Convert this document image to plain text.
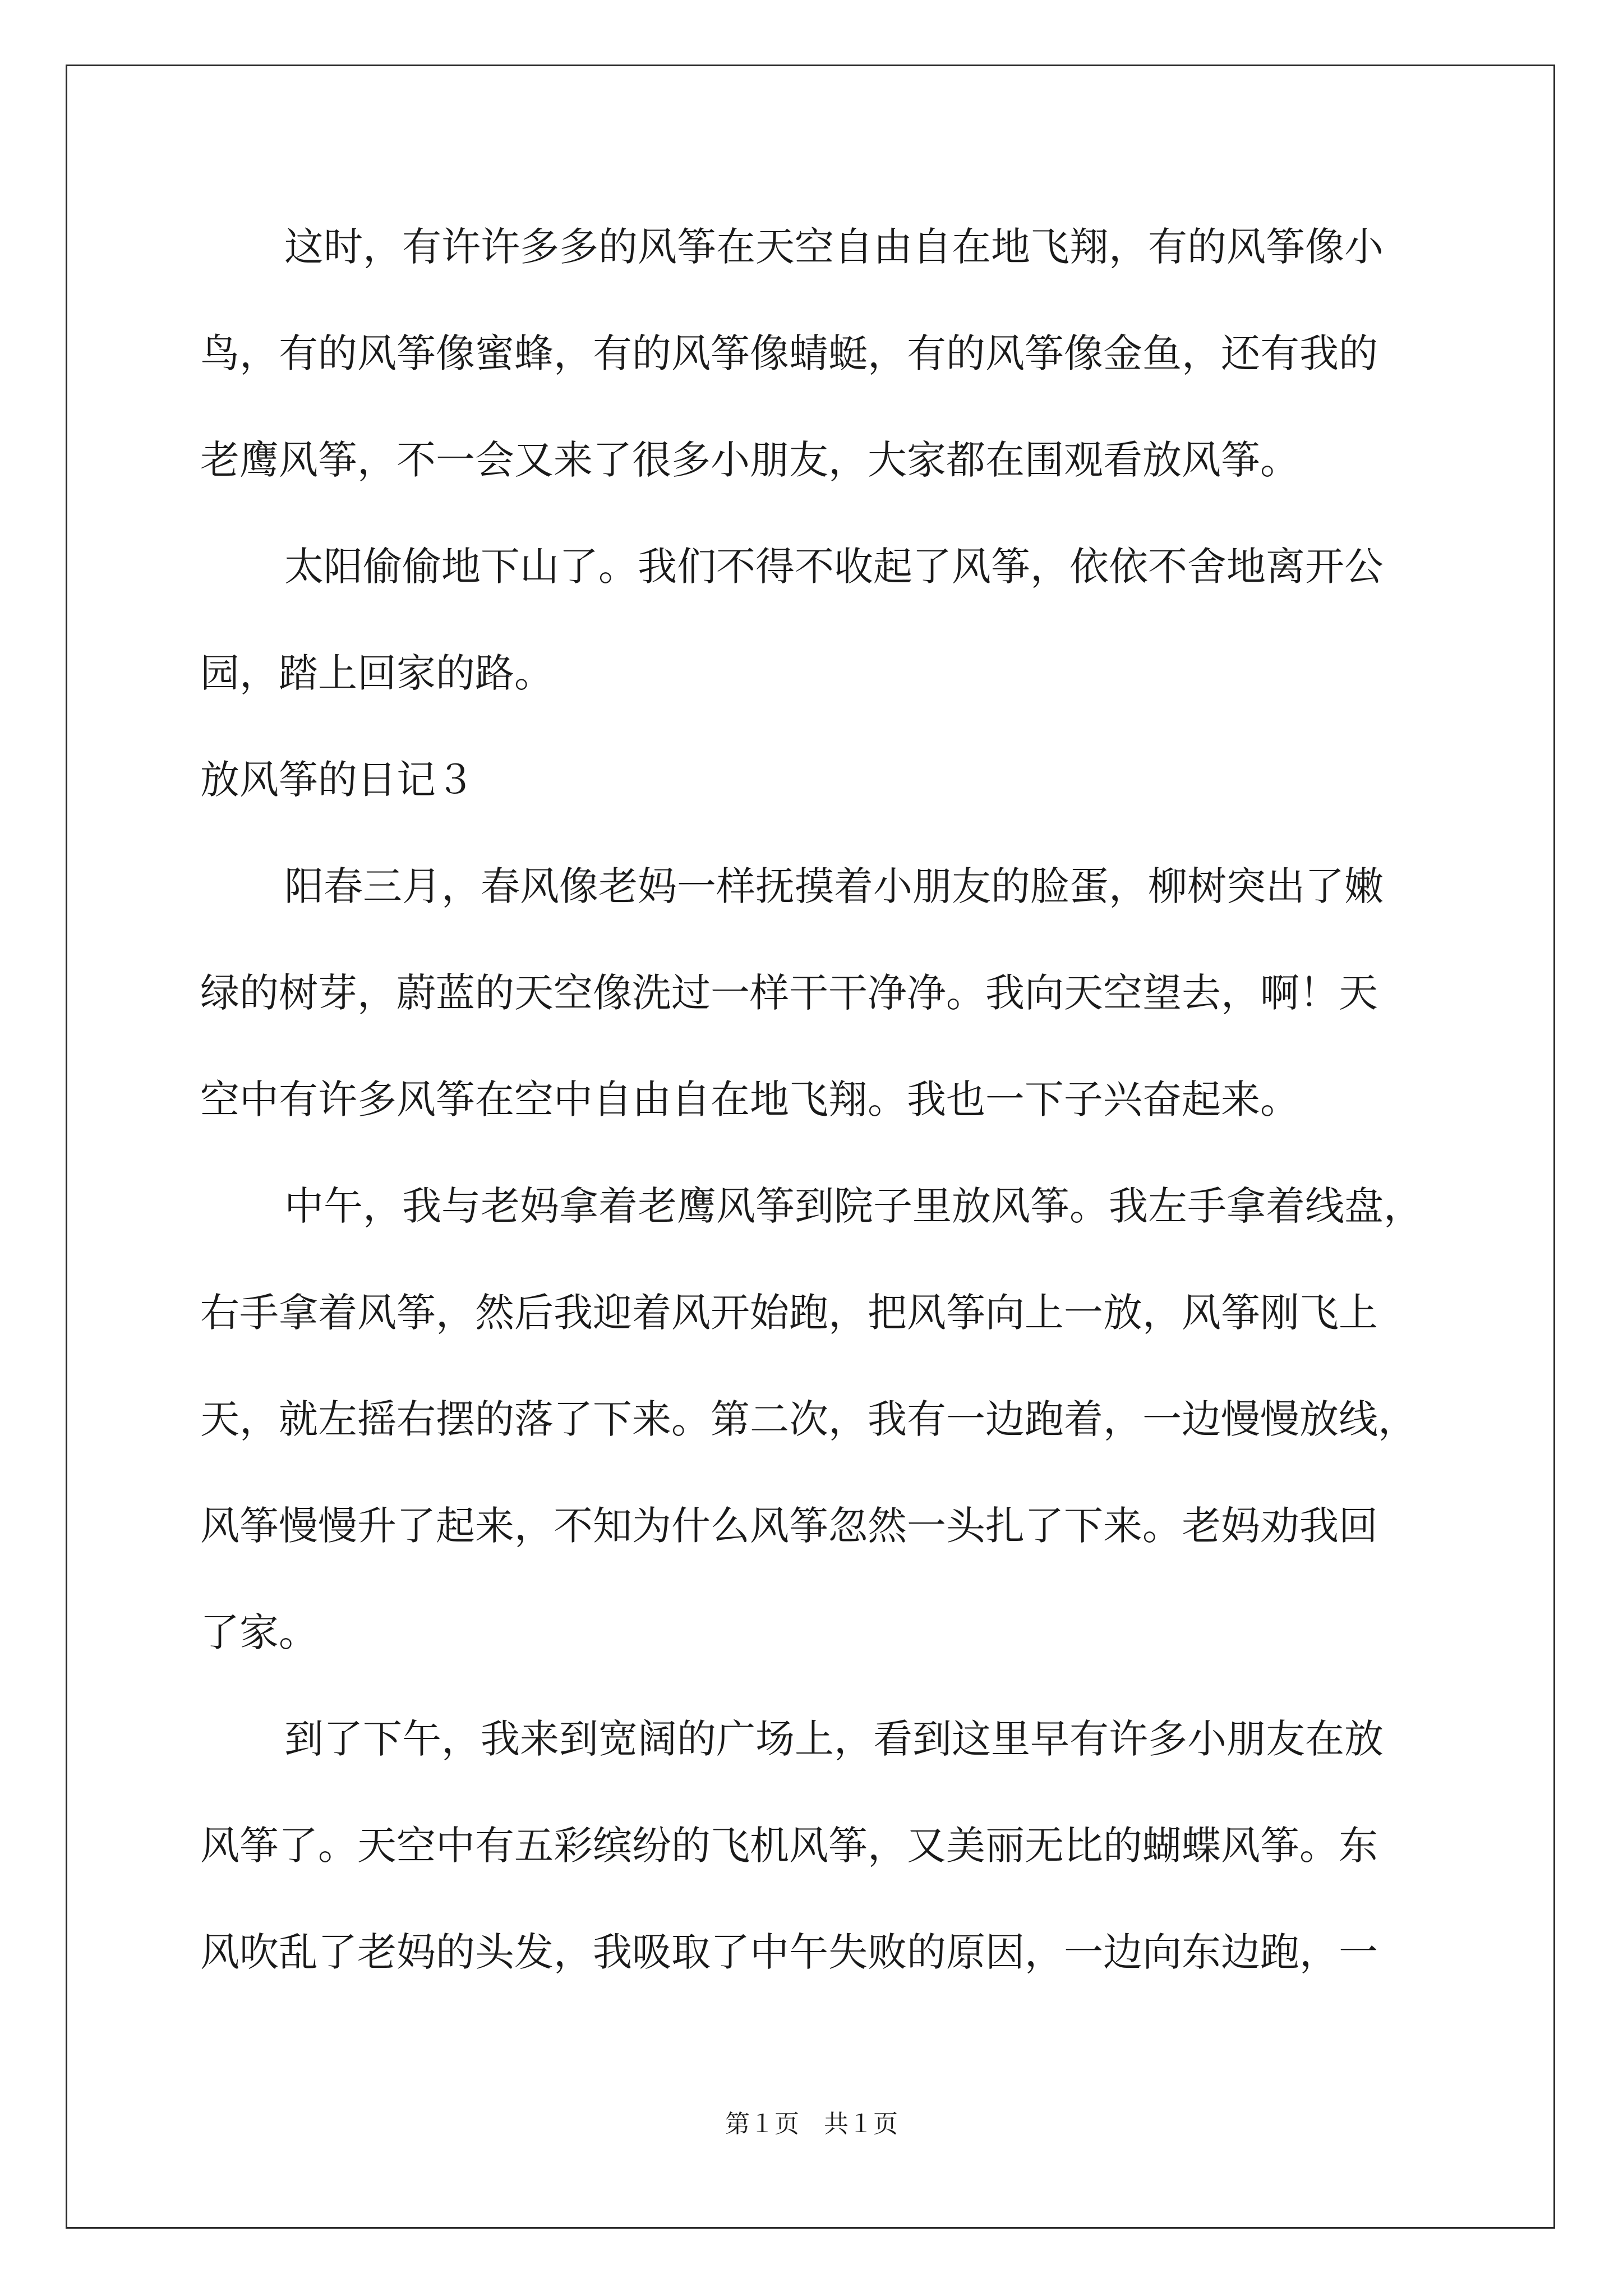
这时，有许许多多的风筝在天空自由自在地飞翔，有的风筝像小
鸟，有的风筝像蜜蜂，有的风筝像蜻蜓，有的风筝像金鱼，还有我的
老鹰风筝，不一会又来了很多小朋友，大家都在围观看放风筝。
太阳偷偷地下山了。我们不得不收起了风筝，依依不舍地离开公
园，踏上回家的路。
放风筝的日记３
阳春三月，春风像老妈一样抚摸着小朋友的脸蛋，柳树突出了嫩
绿的树芽，蔚蓝的天空像洗过一样干干净净。我向天空望去，啊！天
空中有许多风筝在空中自由自在地飞翔。我也一下子兴奋起来。
中午，我与老妈拿着老鹰风筝到院子里放风筝。我左手拿着线盘，
右手拿着风筝，然后我迎着风开始跑，把风筝向上一放，风筝刚飞上
天，就左摇右摆的落了下来。第二次，我有一边跑着，一边慢慢放线，
风筝慢慢升了起来，不知为什么风筝忽然一头扎了下来。老妈劝我回
了家。
到了下午，我来到宽阔的广场上，看到这里早有许多小朋友在放
风筝了。天空中有五彩缤纷的飞机风筝，又美丽无比的蝴蝶风筝。东
风吹乱了老妈的头发，我吸取了中午失败的原因，一边向东边跑，一
第１页　共１页
